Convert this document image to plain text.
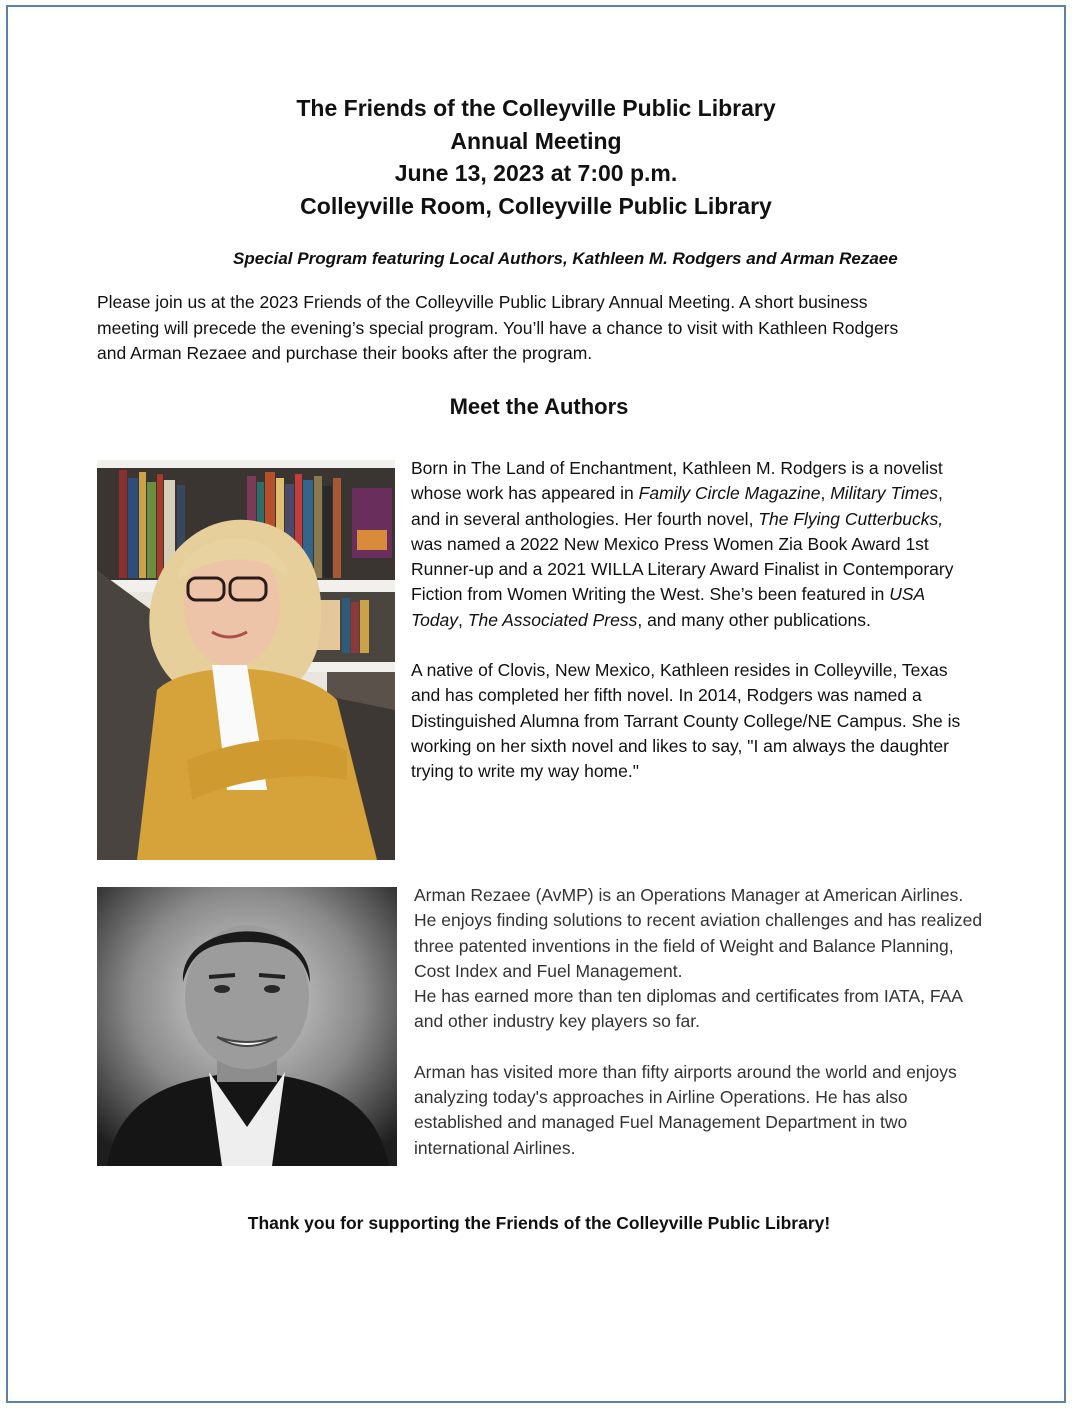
The Friends of the Colleyville Public Library
Annual Meeting
June 13, 2023 at 7:00 p.m.
Colleyville Room, Colleyville Public Library
Special Program featuring Local Authors, Kathleen M. Rodgers and Arman Rezaee
Please join us at the 2023 Friends of the Colleyville Public Library Annual Meeting. A short business
meeting will precede the evening’s special program. You’ll have a chance to visit with Kathleen Rodgers
and Arman Rezaee and purchase their books after the program.
Meet the Authors

Born in The Land of Enchantment, Kathleen M. Rodgers is a novelist whose work has appeared in Family Circle Magazine, Military Times, and in several anthologies. Her fourth novel, The Flying Cutterbucks, was named a 2022 New Mexico Press Women Zia Book Award 1st Runner-up and a 2021 WILLA Literary Award Finalist in Contemporary Fiction from Women Writing the West. She’s been featured in USA Today, The Associated Press, and many other publications.

A native of Clovis, New Mexico, Kathleen resides in Colleyville, Texas and has completed her fifth novel. In 2014, Rodgers was named a Distinguished Alumna from Tarrant County College/NE Campus. She is working on her sixth novel and likes to say, "I am always the daughter trying to write my way home."

Arman Rezaee (AvMP) is an Operations Manager at American Airlines. He enjoys finding solutions to recent aviation challenges and has realized three patented inventions in the field of Weight and Balance Planning, Cost Index and Fuel Management.

He has earned more than ten diplomas and certificates from IATA, FAA and other industry key players so far.

Arman has visited more than fifty airports around the world and enjoys analyzing today's approaches in Airline Operations. He has also established and managed Fuel Management Department in two international Airlines.

Thank you for supporting the Friends of the Colleyville Public Library!
